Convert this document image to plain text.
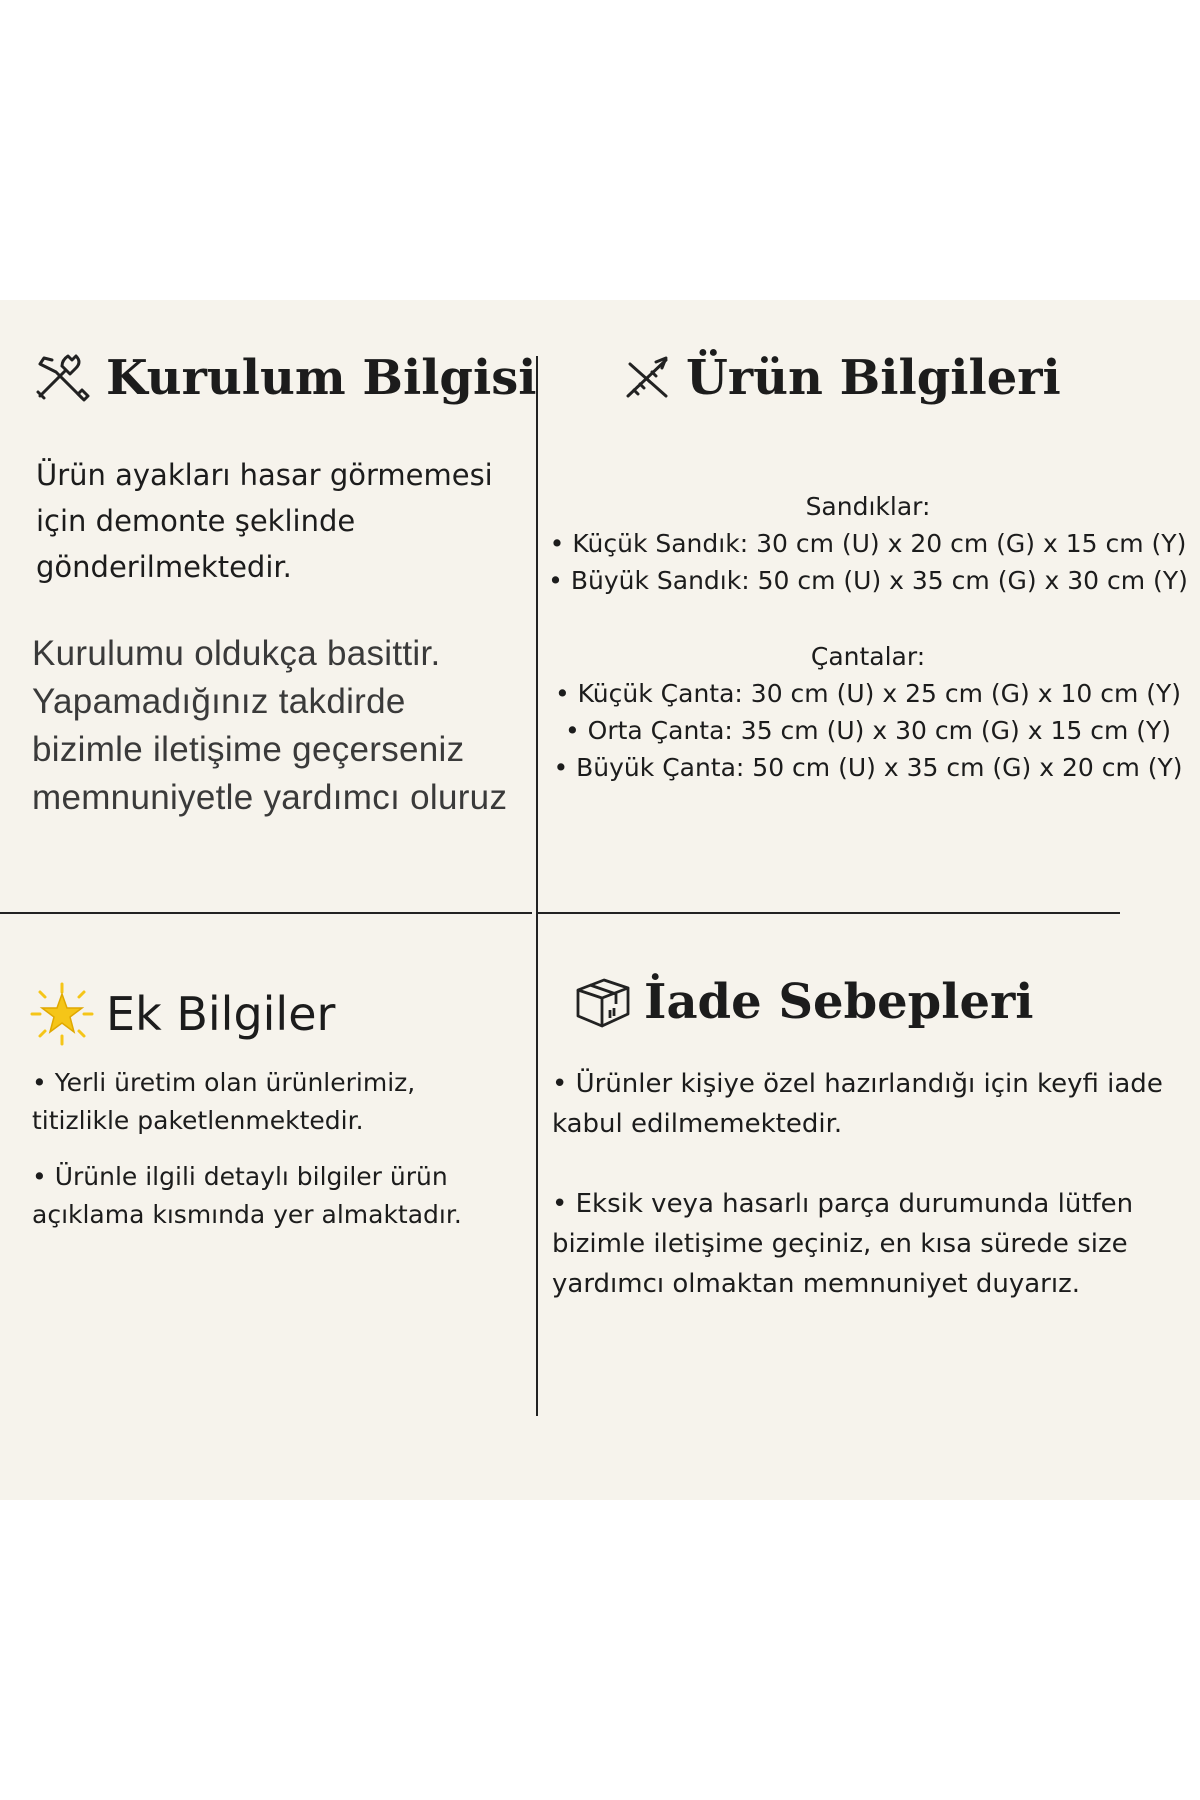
Kurulum Bilgisi

Ürün ayakları hasar görmemesi için demonte şeklinde gönderilmektedir.

Kurulumu oldukça basittir. Yapamadığınız takdirde bizimle iletişime geçerseniz memnuniyetle yardımcı oluruz

Ürün Bilgileri
Sandıklar:
• Küçük Sandık: 30 cm (U) x 20 cm (G) x 15 cm (Y)
• Büyük Sandık: 50 cm (U) x 35 cm (G) x 30 cm (Y)
Çantalar:
• Küçük Çanta: 30 cm (U) x 25 cm (G) x 10 cm (Y)
• Orta Çanta: 35 cm (U) x 30 cm (G) x 15 cm (Y)
• Büyük Çanta: 50 cm (U) x 35 cm (G) x 20 cm (Y)
Ek Bilgiler

• Yerli üretim olan ürünlerimiz, titizlikle paketlenmektedir.

• Ürünle ilgili detaylı bilgiler ürün açıklama kısmında yer almaktadır.

İade Sebepleri

• Ürünler kişiye özel hazırlandığı için keyfi iade kabul edilmemektedir.

• Eksik veya hasarlı parça durumunda lütfen bizimle iletişime geçiniz, en kısa sürede size yardımcı olmaktan memnuniyet duyarız.
